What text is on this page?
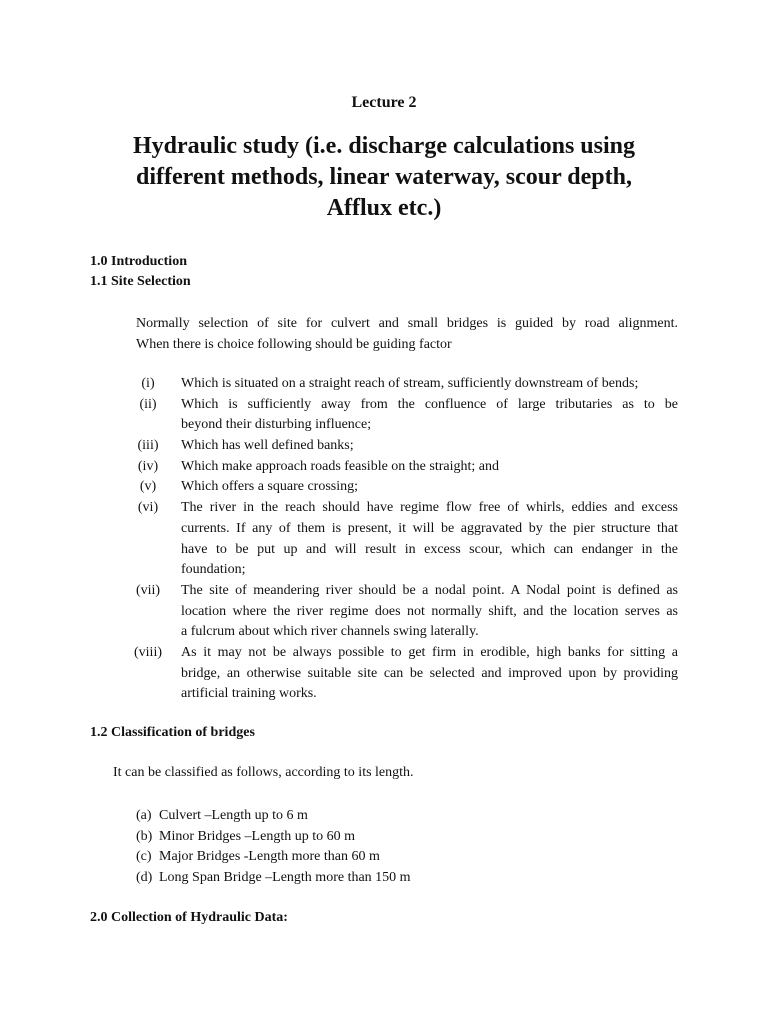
Lecture 2
Hydraulic study (i.e. discharge calculations using
different methods, linear waterway, scour depth,
Afflux etc.)
1.0 Introduction
1.1 Site Selection
Normally selection of site for culvert and small bridges is guided by road alignment.
When there is choice following should be guiding factor
(i)	Which is situated on a straight reach of stream, sufficiently downstream of bends;
(ii)	Which is sufficiently away from the confluence of large tributaries as to be
beyond their disturbing influence;
(iii)	Which has well defined banks;
(iv)	Which make approach roads feasible on the straight; and
(v)	Which offers a square crossing;
(vi)	The river in the reach should have regime flow free of whirls, eddies and excess
currents. If any of them is present, it will be aggravated by the pier structure that
have to be put up and will result in excess scour, which can endanger in the
foundation;
(vii)	The site of meandering river should be a nodal point. A Nodal point is defined as
location where the river regime does not normally shift, and the location serves as
a fulcrum about which river channels swing laterally.
(viii)	As it may not be always possible to get firm in erodible, high banks for sitting a
bridge, an otherwise suitable site can be selected and improved upon by providing
artificial training works.
1.2 Classification of bridges
It can be classified as follows, according to its length.
(a) Culvert –Length up to 6 m
(b) Minor Bridges –Length up to 60 m
(c) Major Bridges -Length more than 60 m
(d) Long Span Bridge –Length more than 150 m
2.0 Collection of Hydraulic Data:
